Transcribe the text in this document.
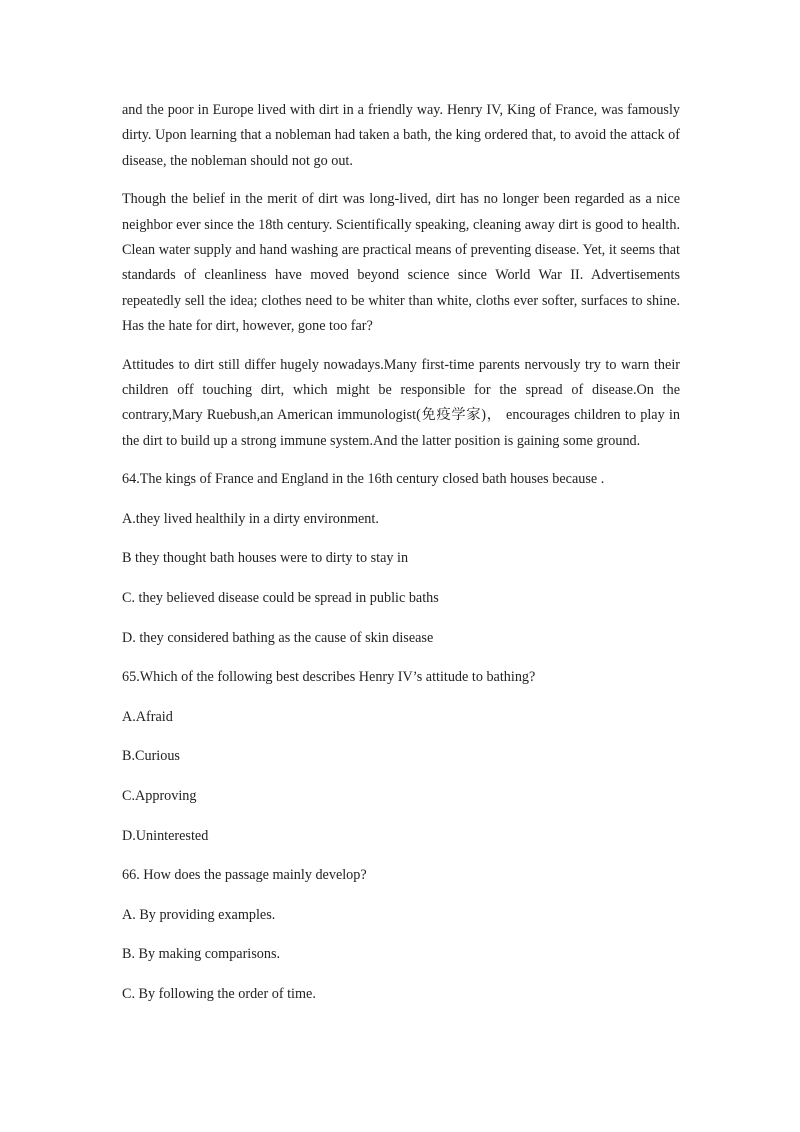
and the poor in Europe lived with dirt in a friendly way. Henry IV, King of France, was famously dirty. Upon learning that a nobleman had taken a bath, the king ordered that, to avoid the attack of disease, the nobleman should not go out.

Though the belief in the merit of dirt was long-lived, dirt has no longer been regarded as a nice neighbor ever since the 18th century. Scientifically speaking, cleaning away dirt is good to health. Clean water supply and hand washing are practical means of preventing disease. Yet, it seems that standards of cleanliness have moved beyond science since World War II. Advertisements repeatedly sell the idea; clothes need to be whiter than white, cloths ever softer, surfaces to shine. Has the hate for dirt, however, gone too far?

Attitudes to dirt still differ hugely nowadays.Many first-time parents nervously try to warn their children off touching dirt, which might be responsible for the spread of disease.On the contrary,Mary Ruebush,an American immunologist(免疫学家)， encourages children to play in the dirt to build up a strong immune system.And the latter position is gaining some ground.

64.The kings of France and England in the 16th century closed bath houses because .

A.they lived healthily in a dirty environment.

B they thought bath houses were to dirty to stay in

C. they believed disease could be spread in public baths

D. they considered bathing as the cause of skin disease

65.Which of the following best describes Henry IV’s attitude to bathing?

A.Afraid

B.Curious

C.Approving

D.Uninterested

66. How does the passage mainly develop?

A. By providing examples.

B. By making comparisons.

C. By following the order of time.
